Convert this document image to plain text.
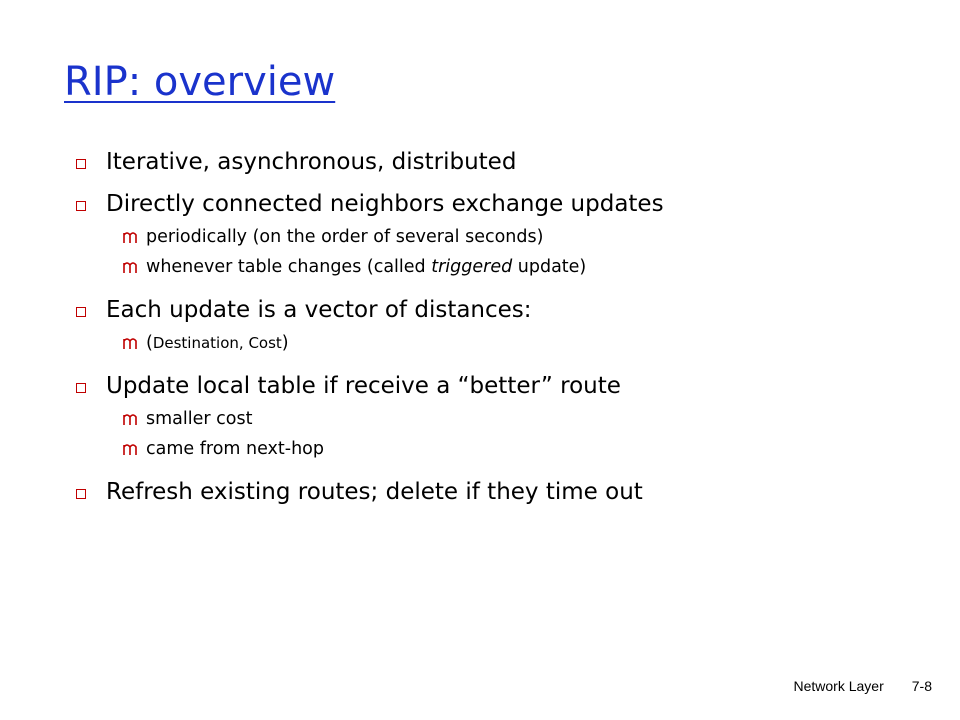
RIP: overview
Iterative, asynchronous, distributed
Directly connected neighbors exchange updates
periodically (on the order of several seconds)
whenever table changes (called triggered update)
Each update is a vector of distances:
(Destination, Cost)
Update local table if receive a “better” route
smaller cost
came from next-hop
Refresh existing routes; delete if they time out
Network Layer 7-8
